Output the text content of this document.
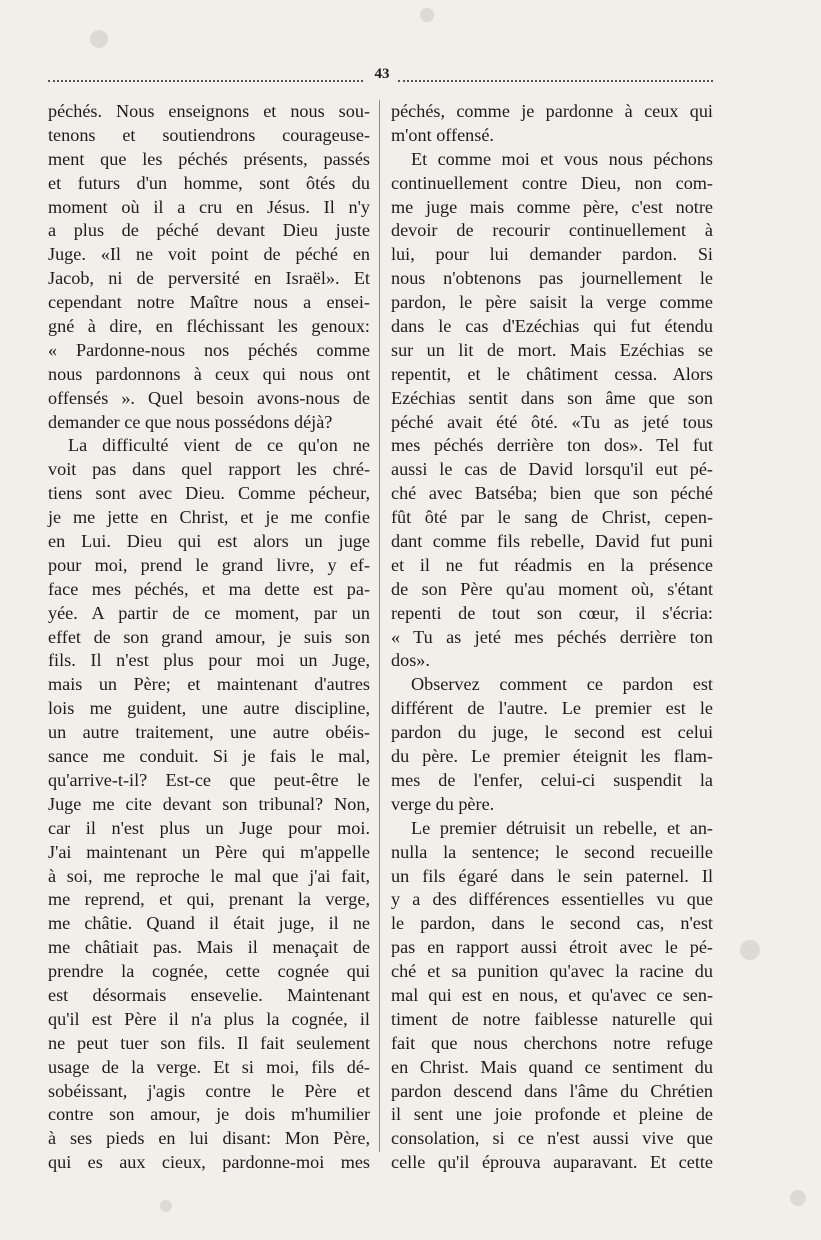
43
péchés. Nous enseignons et nous sou-
tenons et soutiendrons courageuse-
ment que les péchés présents, passés
et futurs d'un homme, sont ôtés du
moment où il a cru en Jésus. Il n'y
a plus de péché devant Dieu juste
Juge. «Il ne voit point de péché en
Jacob, ni de perversité en Israël». Et
cependant notre Maître nous a ensei-
gné à dire, en fléchissant les genoux:
« Pardonne-nous nos péchés comme
nous pardonnons à ceux qui nous ont
offensés ». Quel besoin avons-nous de
demander ce que nous possédons déjà?
La difficulté vient de ce qu'on ne
voit pas dans quel rapport les chré-
tiens sont avec Dieu. Comme pécheur,
je me jette en Christ, et je me confie
en Lui. Dieu qui est alors un juge
pour moi, prend le grand livre, y ef-
face mes péchés, et ma dette est pa-
yée. A partir de ce moment, par un
effet de son grand amour, je suis son
fils. Il n'est plus pour moi un Juge,
mais un Père; et maintenant d'autres
lois me guident, une autre discipline,
un autre traitement, une autre obéis-
sance me conduit. Si je fais le mal,
qu'arrive-t-il? Est-ce que peut-être le
Juge me cite devant son tribunal? Non,
car il n'est plus un Juge pour moi.
J'ai maintenant un Père qui m'appelle
à soi, me reproche le mal que j'ai fait,
me reprend, et qui, prenant la verge,
me châtie. Quand il était juge, il ne
me châtiait pas. Mais il menaçait de
prendre la cognée, cette cognée qui
est désormais ensevelie. Maintenant
qu'il est Père il n'a plus la cognée, il
ne peut tuer son fils. Il fait seulement
usage de la verge. Et si moi, fils dé-
sobéissant, j'agis contre le Père et
contre son amour, je dois m'humilier
à ses pieds en lui disant: Mon Père,
qui es aux cieux, pardonne-moi mes
péchés, comme je pardonne à ceux qui
m'ont offensé.
Et comme moi et vous nous péchons
continuellement contre Dieu, non com-
me juge mais comme père, c'est notre
devoir de recourir continuellement à
lui, pour lui demander pardon. Si
nous n'obtenons pas journellement le
pardon, le père saisit la verge comme
dans le cas d'Ezéchias qui fut étendu
sur un lit de mort. Mais Ezéchias se
repentit, et le châtiment cessa. Alors
Ezéchias sentit dans son âme que son
péché avait été ôté. «Tu as jeté tous
mes péchés derrière ton dos». Tel fut
aussi le cas de David lorsqu'il eut pé-
ché avec Batséba; bien que son péché
fût ôté par le sang de Christ, cepen-
dant comme fils rebelle, David fut puni
et il ne fut réadmis en la présence
de son Père qu'au moment où, s'étant
repenti de tout son cœur, il s'écria:
« Tu as jeté mes péchés derrière ton
dos».
Observez comment ce pardon est
différent de l'autre. Le premier est le
pardon du juge, le second est celui
du père. Le premier éteignit les flam-
mes de l'enfer, celui-ci suspendit la
verge du père.
Le premier détruisit un rebelle, et an-
nulla la sentence; le second recueille
un fils égaré dans le sein paternel. Il
y a des différences essentielles vu que
le pardon, dans le second cas, n'est
pas en rapport aussi étroit avec le pé-
ché et sa punition qu'avec la racine du
mal qui est en nous, et qu'avec ce sen-
timent de notre faiblesse naturelle qui
fait que nous cherchons notre refuge
en Christ. Mais quand ce sentiment du
pardon descend dans l'âme du Chrétien
il sent une joie profonde et pleine de
consolation, si ce n'est aussi vive que
celle qu'il éprouva auparavant. Et cette
